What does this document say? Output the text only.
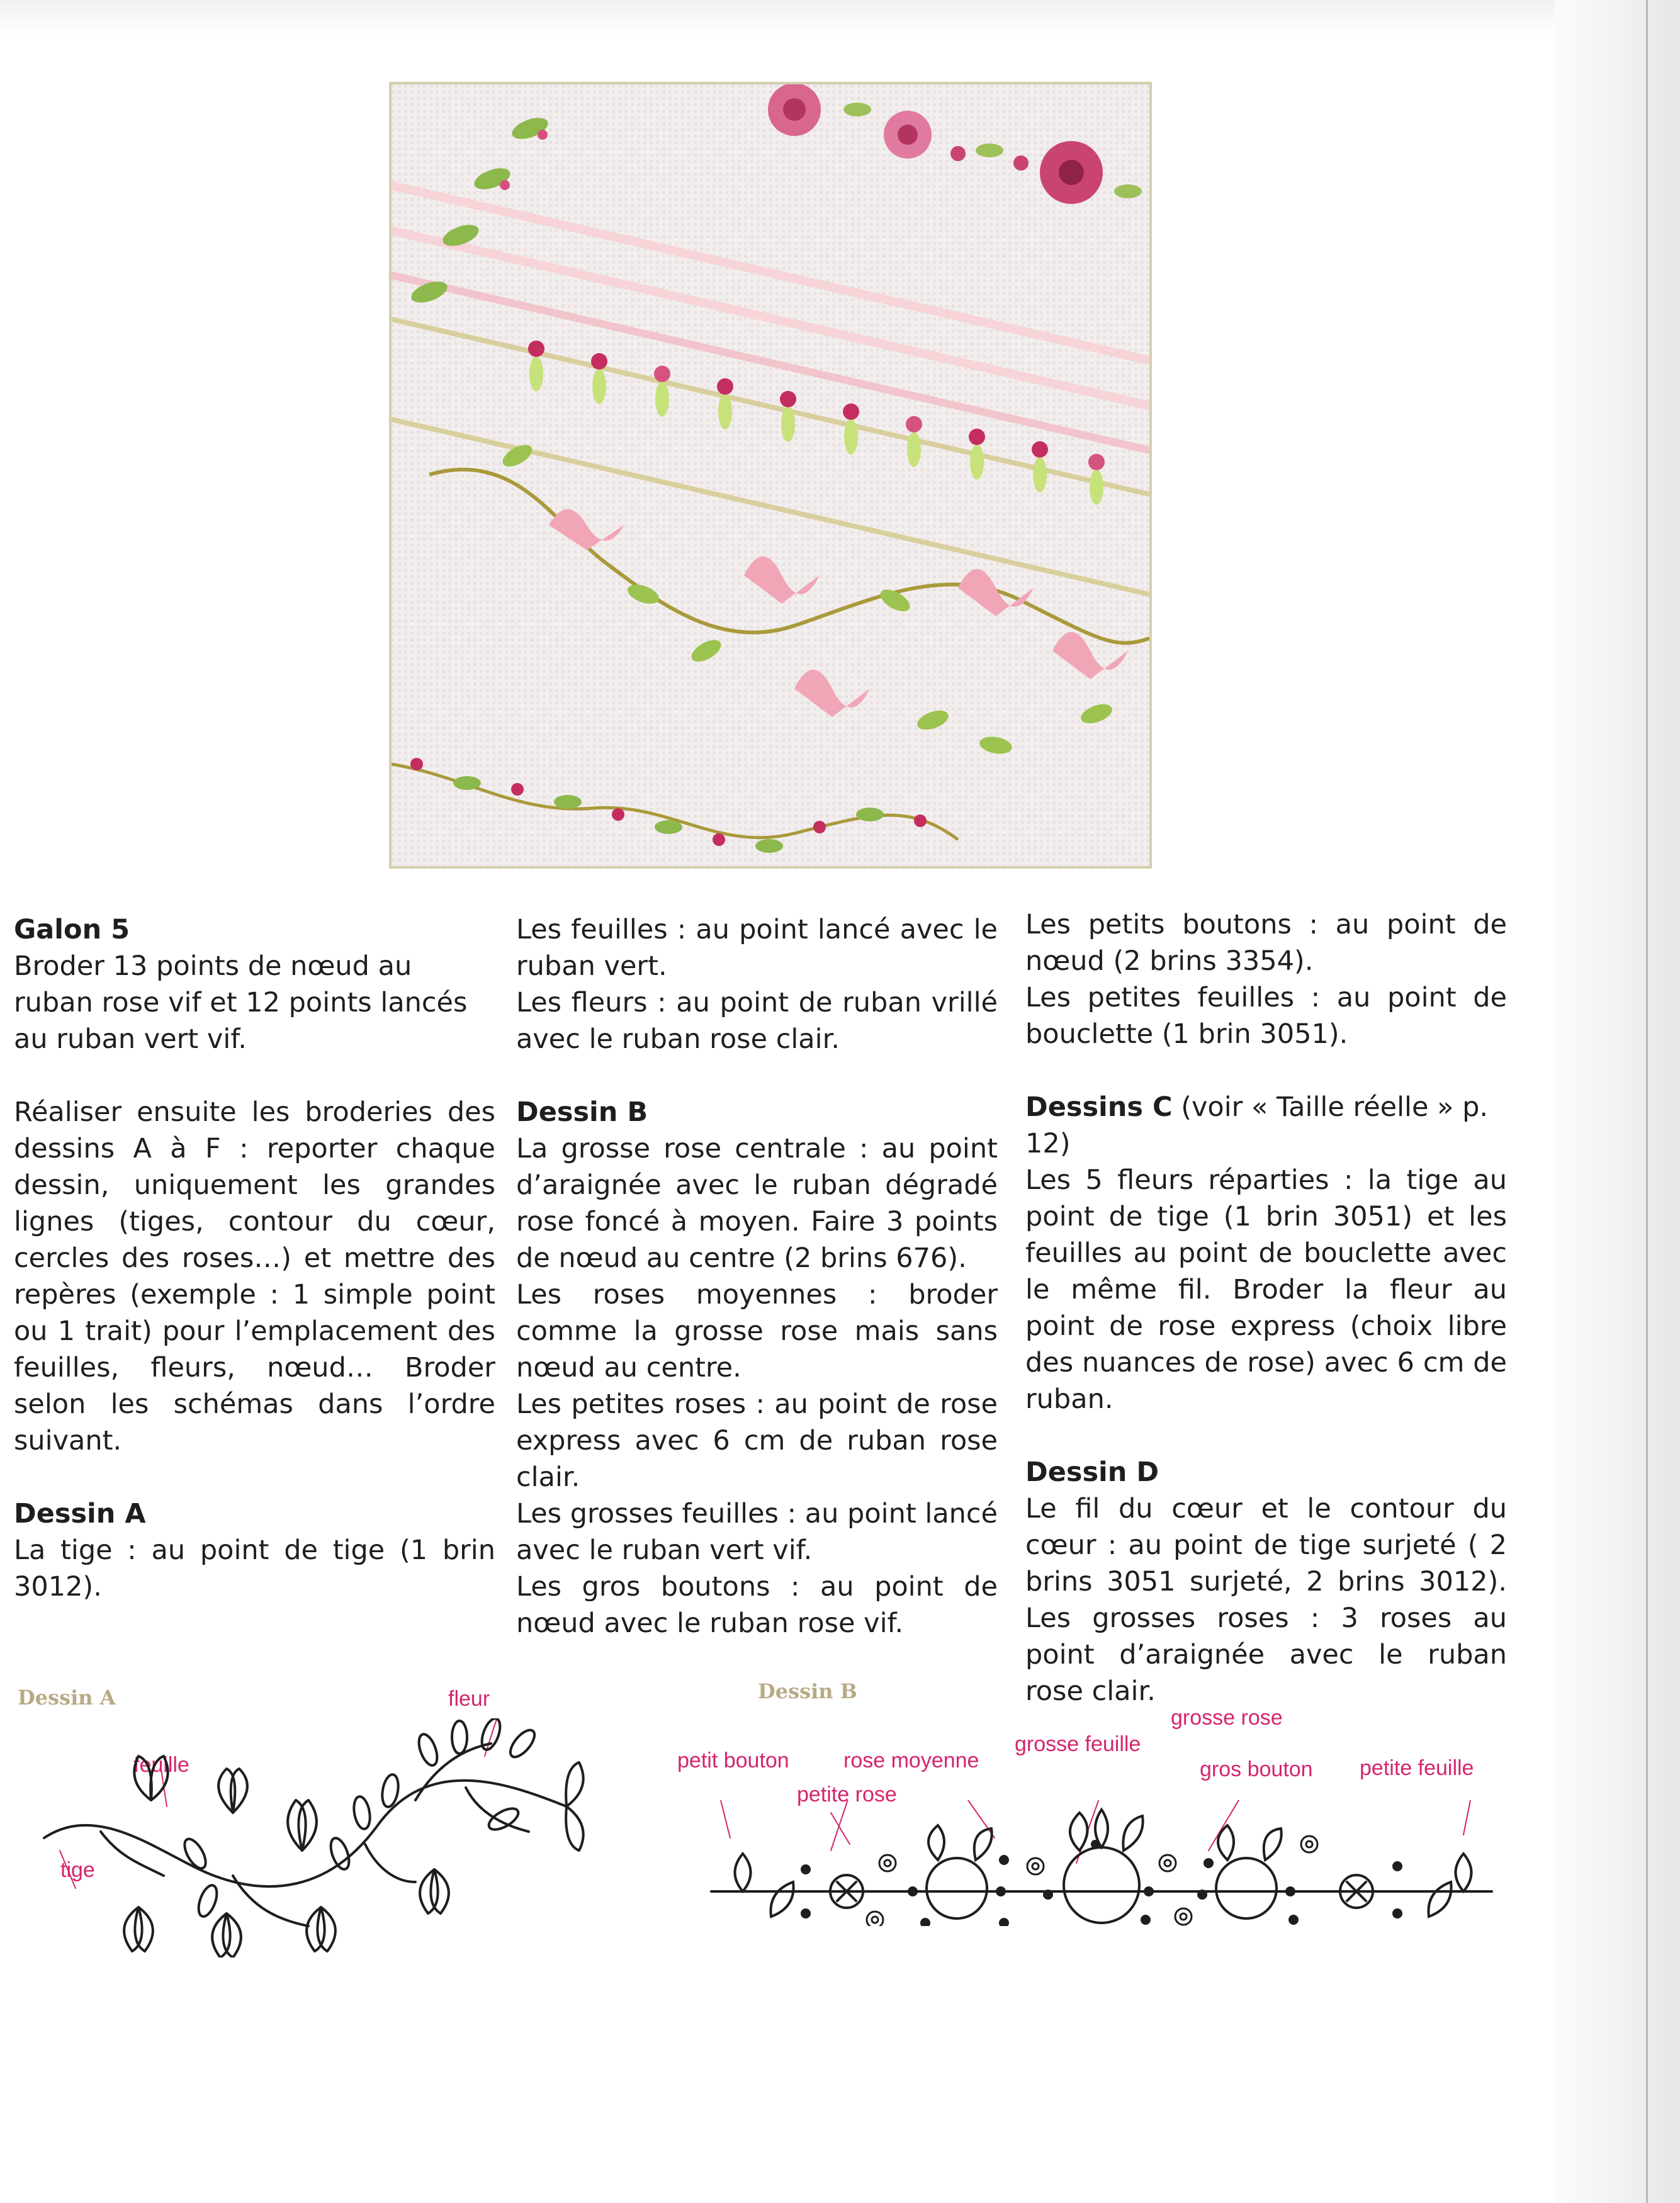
Galon 5

Broder 13 points de nœud au ruban rose vif et 12 points lancés au ruban vert vif.

Réaliser ensuite les broderies des dessins A à F : reporter chaque dessin, uniquement les grandes lignes (tiges, contour du cœur, cercles des roses…) et mettre des repères (exemple : 1 simple point ou 1 trait) pour l’emplacement des feuilles, fleurs, nœud… Broder selon les schémas dans l’ordre suivant.

Dessin A

La tige : au point de tige (1 brin 3012).

Les feuilles : au point lancé avec le ruban vert.

Les fleurs : au point de ruban vrillé avec le ruban rose clair.

Dessin B

La grosse rose centrale : au point d’araignée avec le ruban dégradé rose foncé à moyen. Faire 3 points de nœud au centre (2 brins 676).

Les roses moyennes : broder comme la grosse rose mais sans nœud au centre.

Les petites roses : au point de rose express avec 6 cm de ruban rose clair.

Les grosses feuilles : au point lancé avec le ruban vert vif.

Les gros boutons : au point de nœud avec le ruban rose vif.

Les petits boutons : au point de nœud (2 brins 3354).

Les petites feuilles : au point de bouclette (1 brin 3051).

Dessins C (voir « Taille réelle » p. 12)

Les 5 fleurs réparties : la tige au point de tige (1 brin 3051) et les feuilles au point de bouclette avec le même fil. Broder la fleur au point de rose express (choix libre des nuances de rose) avec 6 cm de ruban.

Dessin D

Le fil du cœur et le contour du cœur : au point de tige surjeté ( 2 brins 3051 surjeté, 2 brins 3012). Les grosses roses : 3 roses au point d’araignée avec le ruban rose clair.

Dessin A	fleur
feuille
tige
Dessin B
grosse rose
grosse feuille
petit bouton	rose moyenne	gros bouton petite feuille
petite rose
